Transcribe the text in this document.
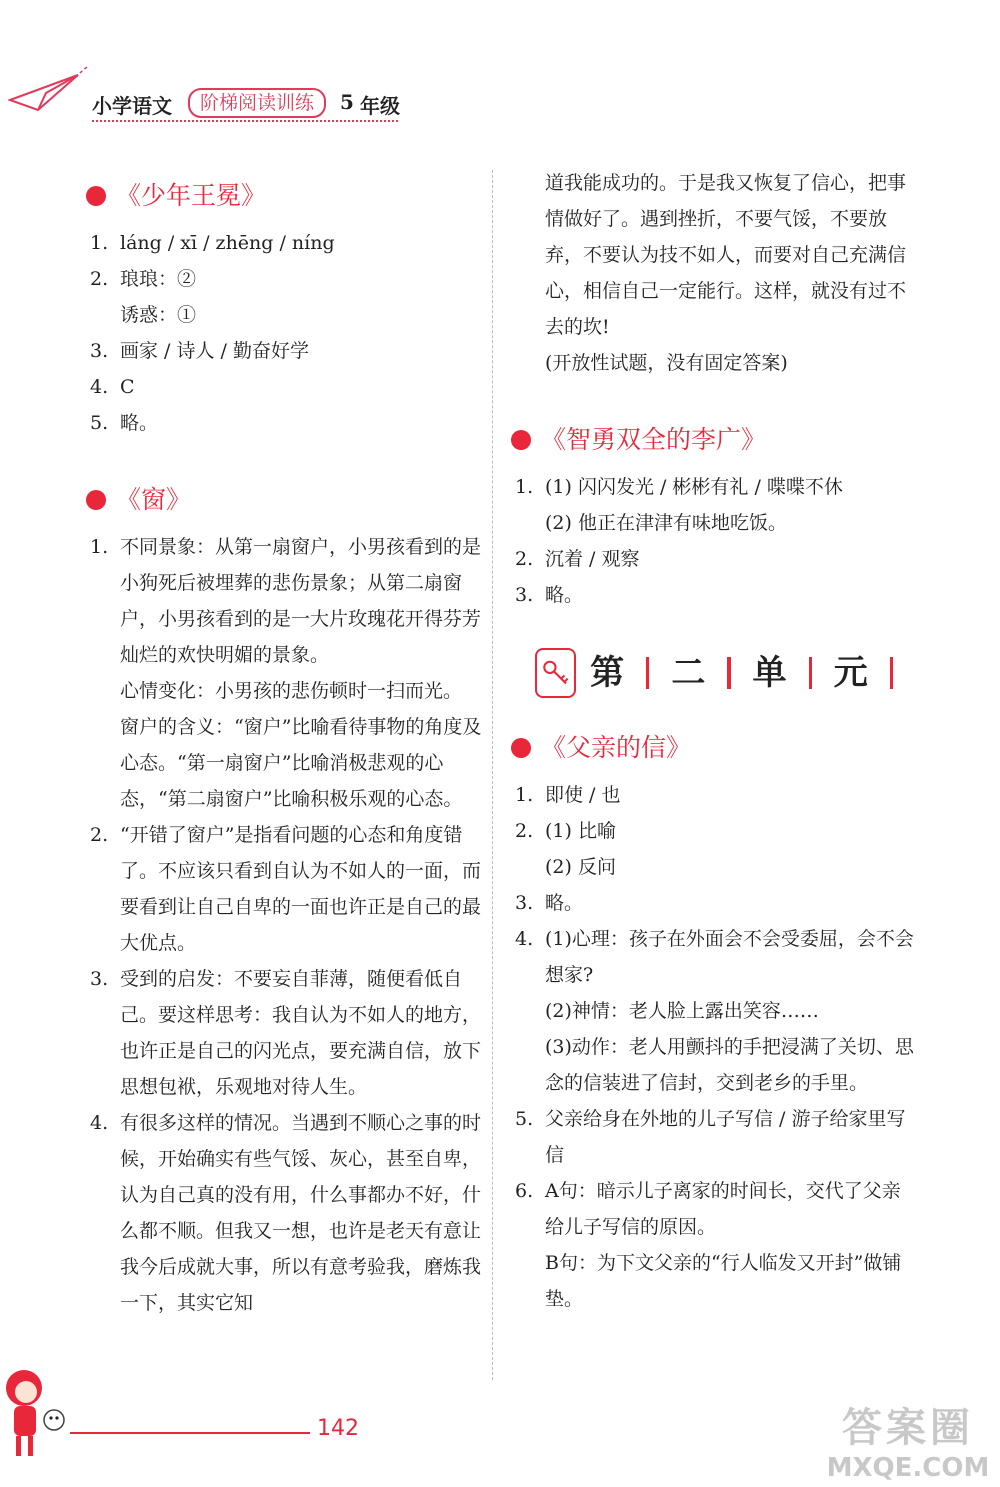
小学语文	阶梯阅读训练	5 年级
《少年王冕》
1. láng / xī / zhēng / níng
2. 琅琅：②
诱惑：①
3. 画家 / 诗人 / 勤奋好学
4. C
5. 略。
《窗》
1. 不同景象：从第一扇窗户，小男孩看到的是小狗死后被埋葬的悲伤景象；从第二扇窗户，小男孩看到的是一大片玫瑰花开得芬芳灿烂的欢快明媚的景象。
心情变化：小男孩的悲伤顿时一扫而光。
窗户的含义：“窗户”比喻看待事物的角度及心态。“第一扇窗户”比喻消极悲观的心态，“第二扇窗户”比喻积极乐观的心态。
2. “开错了窗户”是指看问题的心态和角度错了。不应该只看到自认为不如人的一面，而要看到让自己自卑的一面也许正是自己的最大优点。
3. 受到的启发：不要妄自菲薄，随便看低自己。要这样思考：我自认为不如人的地方，也许正是自己的闪光点，要充满自信，放下思想包袱，乐观地对待人生。
4. 有很多这样的情况。当遇到不顺心之事的时候，开始确实有些气馁、灰心，甚至自卑，认为自己真的没有用，什么事都办不好，什么都不顺。但我又一想，也许是老天有意让我今后成就大事，所以有意考验我，磨炼我一下，其实它知
道我能成功的。于是我又恢复了信心，把事情做好了。遇到挫折，不要气馁，不要放弃，不要认为技不如人，而要对自己充满信心，相信自己一定能行。这样，就没有过不去的坎!
(开放性试题，没有固定答案)
《智勇双全的李广》
1. (1) 闪闪发光 / 彬彬有礼 / 喋喋不休
(2) 他正在津津有味地吃饭。
2. 沉着 / 观察
3. 略。
第 二 单 元
《父亲的信》
1. 即使 / 也
2. (1) 比喻
(2) 反问
3. 略。
4. (1)心理：孩子在外面会不会受委屈，会不会想家?
(2)神情：老人脸上露出笑容……
(3)动作：老人用颤抖的手把浸满了关切、思念的信装进了信封，交到老乡的手里。
5. 父亲给身在外地的儿子写信 / 游子给家里写信
6. A句：暗示儿子离家的时间长，交代了父亲给儿子写信的原因。
B句：为下文父亲的“行人临发又开封”做铺垫。
142	答案圈
MXQE.COM
